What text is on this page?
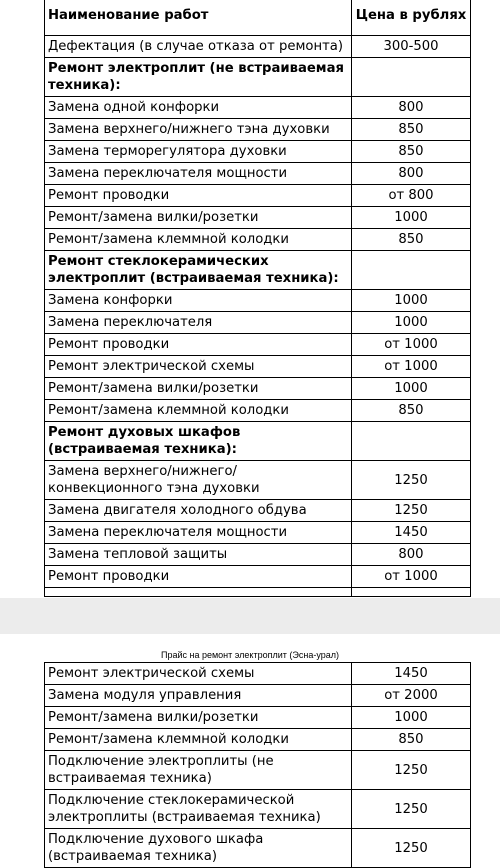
Наименование работ	Цена в рублях
Дефектация (в случае отказа от ремонта)	300-500
Ремонт электроплит (не встраиваемая техника):	
Замена одной конфорки	800
Замена верхнего/нижнего тэна духовки	850
Замена терморегулятора духовки	850
Замена переключателя мощности	800
Ремонт проводки	от 800
Ремонт/замена вилки/розетки	1000
Ремонт/замена клеммной колодки	850
Ремонт стеклокерамических электроплит (встраиваемая техника):	
Замена конфорки	1000
Замена переключателя	1000
Ремонт проводки	от 1000
Ремонт электрической схемы	от 1000
Ремонт/замена вилки/розетки	1000
Ремонт/замена клеммной колодки	850
Ремонт духовых шкафов (встраиваемая техника):	
Замена верхнего/нижнего/ конвекционного тэна духовки	1250
Замена двигателя холодного обдува	1250
Замена переключателя мощности	1450
Замена тепловой защиты	800
Ремонт проводки	от 1000

Прайс на ремонт электроплит (Эсна-урал)
Ремонт электрической схемы	1450
Замена модуля управления	от 2000
Ремонт/замена вилки/розетки	1000
Ремонт/замена клеммной колодки	850
Подключение электроплиты (не встраиваемая техника)	1250
Подключение стеклокерамической электроплиты (встраиваемая техника)	1250
Подключение духового шкафа (встраиваемая техника)	1250
